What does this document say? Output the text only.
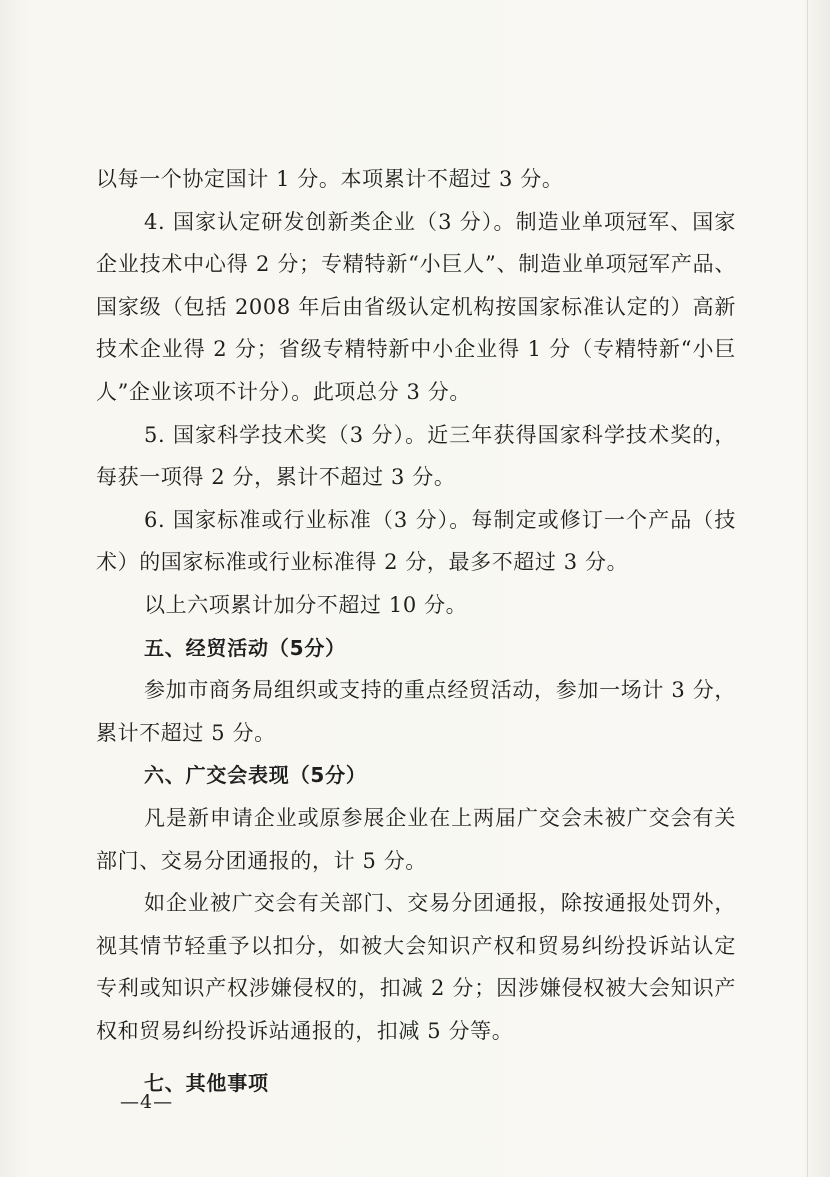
以每一个协定国计 1 分。本项累计不超过 3 分。

4. 国家认定研发创新类企业（3 分）。制造业单项冠军、国家企业技术中心得 2 分；专精特新“小巨人”、制造业单项冠军产品、国家级（包括 2008 年后由省级认定机构按国家标准认定的）高新技术企业得 2 分；省级专精特新中小企业得 1 分（专精特新“小巨人”企业该项不计分）。此项总分 3 分。

5. 国家科学技术奖（3 分）。近三年获得国家科学技术奖的，每获一项得 2 分，累计不超过 3 分。

6. 国家标准或行业标准（3 分）。每制定或修订一个产品（技术）的国家标准或行业标准得 2 分，最多不超过 3 分。

以上六项累计加分不超过 10 分。

五、经贸活动（5分）

参加市商务局组织或支持的重点经贸活动，参加一场计 3 分，累计不超过 5 分。

六、广交会表现（5分）

凡是新申请企业或原参展企业在上两届广交会未被广交会有关部门、交易分团通报的，计 5 分。

如企业被广交会有关部门、交易分团通报，除按通报处罚外，视其情节轻重予以扣分，如被大会知识产权和贸易纠纷投诉站认定专利或知识产权涉嫌侵权的，扣减 2 分；因涉嫌侵权被大会知识产权和贸易纠纷投诉站通报的，扣减 5 分等。

七、其他事项

—4—
